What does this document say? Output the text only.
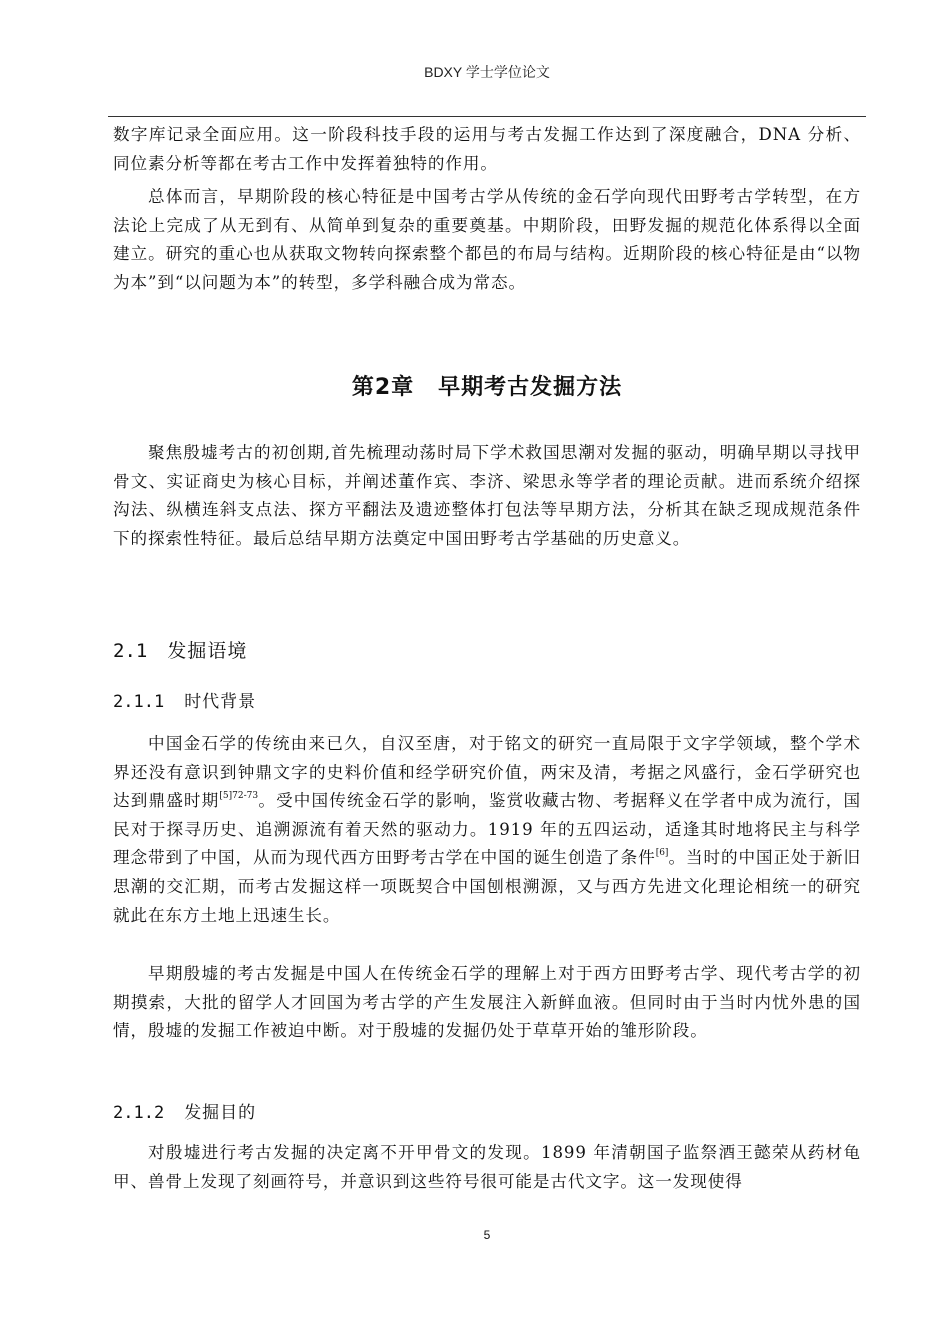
BDXY 学士学位论文

数字库记录全面应用。这一阶段科技手段的运用与考古发掘工作达到了深度融合，DNA 分析、同位素分析等都在考古工作中发挥着独特的作用。

总体而言，早期阶段的核心特征是中国考古学从传统的金石学向现代田野考古学转型，在方法论上完成了从无到有、从简单到复杂的重要奠基。中期阶段，田野发掘的规范化体系得以全面建立。研究的重心也从获取文物转向探索整个都邑的布局与结构。近期阶段的核心特征是由“以物为本”到“以问题为本”的转型，多学科融合成为常态。

第2章 早期考古发掘方法

聚焦殷墟考古的初创期,首先梳理动荡时局下学术救国思潮对发掘的驱动，明确早期以寻找甲骨文、实证商史为核心目标，并阐述董作宾、李济、梁思永等学者的理论贡献。进而系统介绍探沟法、纵横连斜支点法、探方平翻法及遗迹整体打包法等早期方法，分析其在缺乏现成规范条件下的探索性特征。最后总结早期方法奠定中国田野考古学基础的历史意义。

2.1 发掘语境
2.1.1 时代背景

中国金石学的传统由来已久，自汉至唐，对于铭文的研究一直局限于文字学领域，整个学术界还没有意识到钟鼎文字的史料价值和经学研究价值，两宋及清，考据之风盛行，金石学研究也达到鼎盛时期$^{[5]72-73}$。受中国传统金石学的影响，鉴赏收藏古物、考据释义在学者中成为流行，国民对于探寻历史、追溯源流有着天然的驱动力。1919 年的五四运动，适逢其时地将民主与科学理念带到了中国，从而为现代西方田野考古学在中国的诞生创造了条件[6]。当时的中国正处于新旧思潮的交汇期，而考古发掘这样一项既契合中国刨根溯源，又与西方先进文化理论相统一的研究就此在东方土地上迅速生长。

早期殷墟的考古发掘是中国人在传统金石学的理解上对于西方田野考古学、现代考古学的初期摸索，大批的留学人才回国为考古学的产生发展注入新鲜血液。但同时由于当时内忧外患的国情，殷墟的发掘工作被迫中断。对于殷墟的发掘仍处于草草开始的雏形阶段。

2.1.2 发掘目的

对殷墟进行考古发掘的决定离不开甲骨文的发现。1899 年清朝国子监祭酒王懿荣从药材龟甲、兽骨上发现了刻画符号，并意识到这些符号很可能是古代文字。这一发现使得

5
